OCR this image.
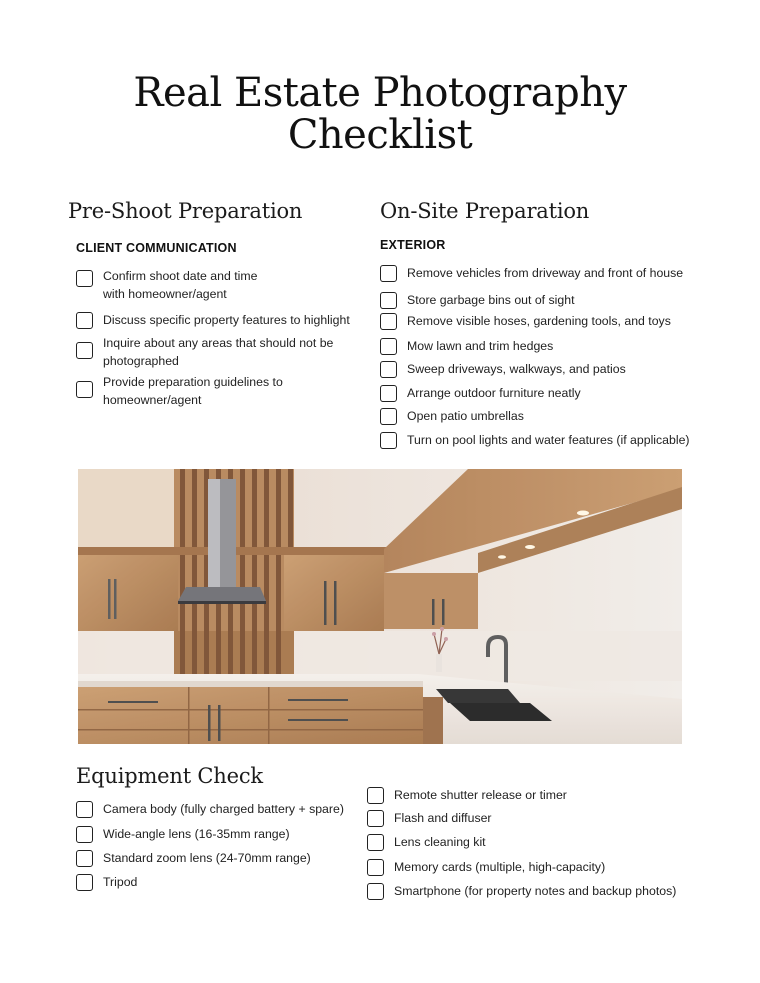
Real Estate Photography
Checklist
Pre-Shoot Preparation
CLIENT COMMUNICATION
Confirm shoot date and time
with homeowner/agent
Discuss specific property features to highlight
Inquire about any areas that should not be
photographed
Provide preparation guidelines to
homeowner/agent
On-Site Preparation
EXTERIOR
Remove vehicles from driveway and front of house
Store garbage bins out of sight
Remove visible hoses, gardening tools, and toys
Mow lawn and trim hedges
Sweep driveways, walkways, and patios
Arrange outdoor furniture neatly
Open patio umbrellas
Turn on pool lights and water features (if applicable)
Equipment Check
Camera body (fully charged battery + spare)
Wide-angle lens (16-35mm range)
Standard zoom lens (24-70mm range)
Tripod
Remote shutter release or timer
Flash and diffuser
Lens cleaning kit
Memory cards (multiple, high-capacity)
Smartphone (for property notes and backup photos)
